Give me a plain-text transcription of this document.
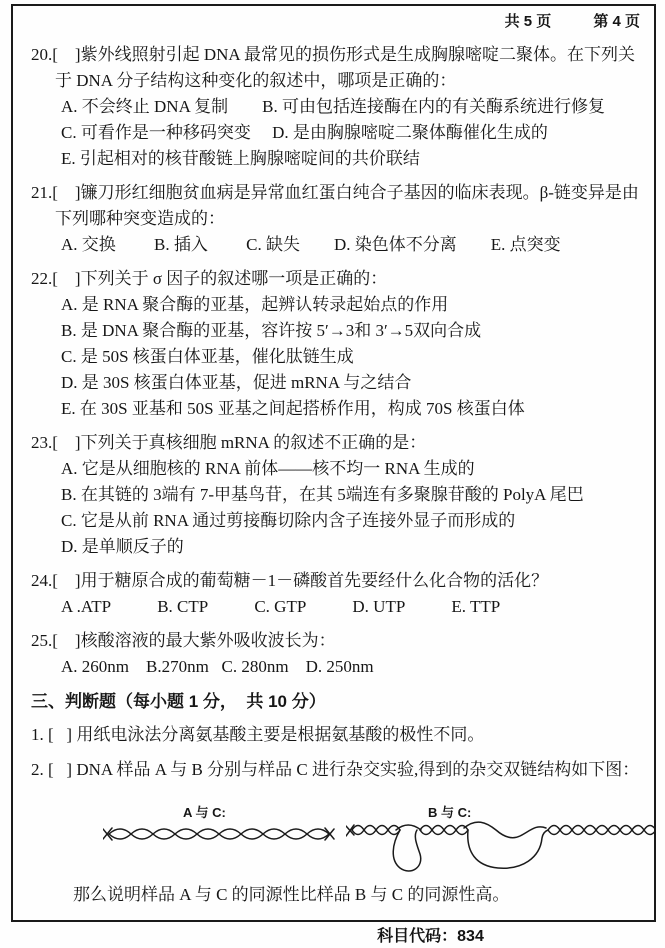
共 5 页	第 4 页
20.[    ]紫外线照射引起 DNA 最常见的损伤形式是生成胸腺嘧啶二聚体。在下列关
于 DNA 分子结构这种变化的叙述中，哪项是正确的：
A. 不会终止 DNA 复制        B. 可由包括连接酶在内的有关酶系统进行修复
C. 可看作是一种移码突变     D. 是由胸腺嘧啶二聚体酶催化生成的
E. 引起相对的核苷酸链上胸腺嘧啶间的共价联结
21.[    ]镰刀形红细胞贫血病是异常血红蛋白纯合子基因的临床表现。β-链变异是由
下列哪种突变造成的：
A. 交换         B. 插入         C. 缺失        D. 染色体不分离        E. 点突变
22.[    ]下列关于 σ 因子的叙述哪一项是正确的：
A. 是 RNA 聚合酶的亚基，起辨认转录起始点的作用
B. 是 DNA 聚合酶的亚基，容许按 5′→3和 3′→5双向合成
C. 是 50S 核蛋白体亚基，催化肽链生成
D. 是 30S 核蛋白体亚基，促进 mRNA 与之结合
E. 在 30S 亚基和 50S 亚基之间起搭桥作用，构成 70S 核蛋白体
23.[    ]下列关于真核细胞 mRNA 的叙述不正确的是：
A. 它是从细胞核的 RNA 前体——核不均一 RNA 生成的
B. 在其链的 3端有 7-甲基鸟苷，在其 5端连有多聚腺苷酸的 PolyA 尾巴
C. 它是从前 RNA 通过剪接酶切除内含子连接外显子而形成的
D. 是单顺反子的
24.[    ]用于糖原合成的葡萄糖－1－磷酸首先要经什么化合物的活化？
A .ATP           B. CTP           C. GTP           D. UTP           E. TTP
25.[    ]核酸溶液的最大紫外吸收波长为：
A. 260nm    B.270nm   C. 280nm    D. 250nm
三、判断题（每小题 1 分，  共 10 分）
1. [   ] 用纸电泳法分离氨基酸主要是根据氨基酸的极性不同。
2. [   ] DNA 样品 A 与 B 分别与样品 C 进行杂交实验,得到的杂交双链结构如下图：
A 与 C:	B 与 C:
那么说明样品 A 与 C 的同源性比样品 B 与 C 的同源性高。
科目代码：834
